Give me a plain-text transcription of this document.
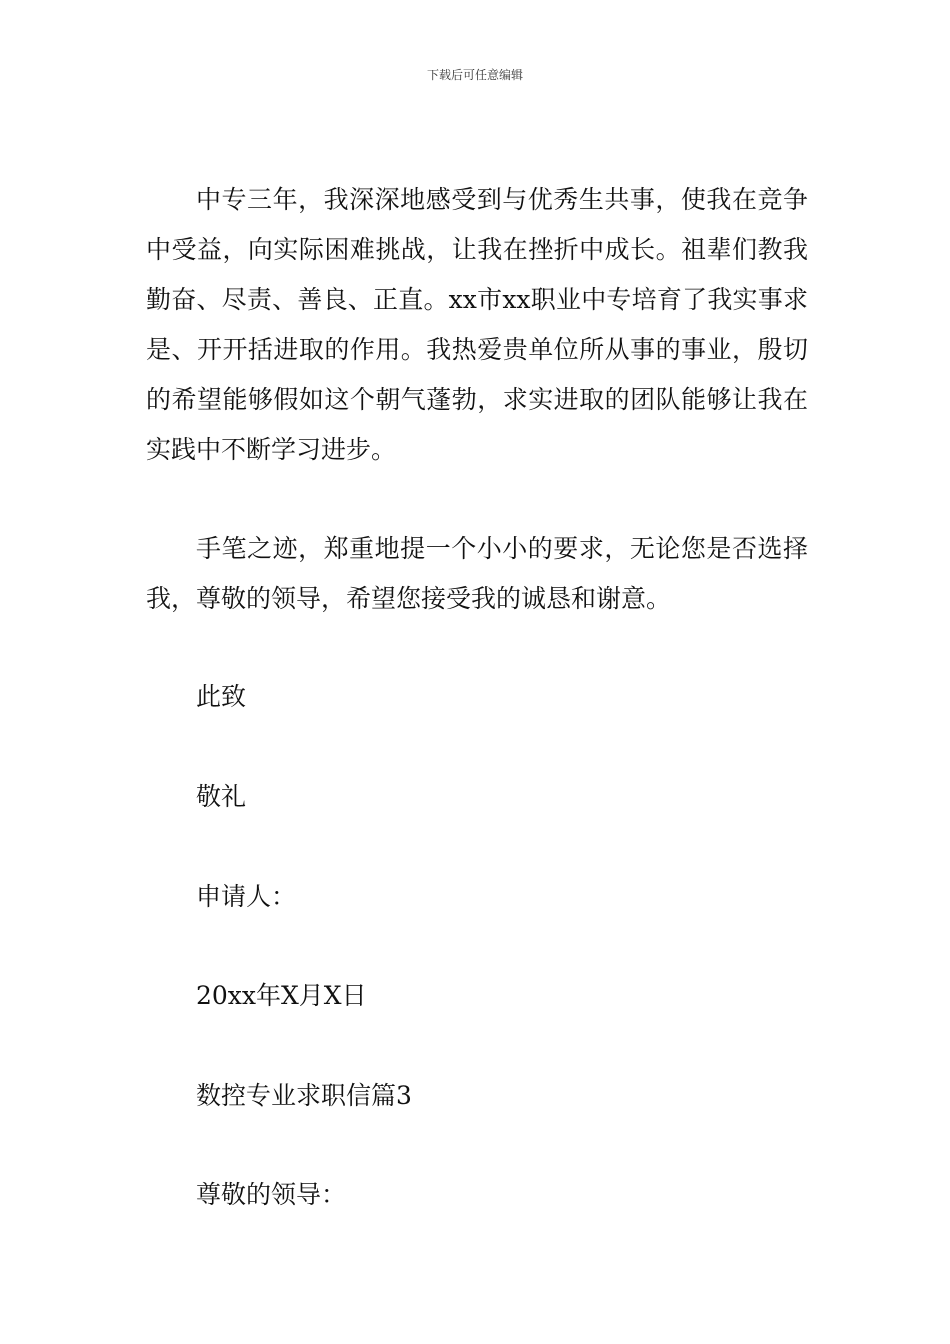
下载后可任意编辑

中专三年，我深深地感受到与优秀生共事，使我在竞争中受益，向实际困难挑战，让我在挫折中成长。祖辈们教我勤奋、尽责、善良、正直。xx市xx职业中专培育了我实事求是、开开括进取的作用。我热爱贵单位所从事的事业，殷切的希望能够假如这个朝气蓬勃，求实进取的团队能够让我在实践中不断学习进步。

手笔之迹，郑重地提一个小小的要求，无论您是否选择我，尊敬的领导，希望您接受我的诚恳和谢意。

此致

敬礼

申请人：

20xx年X月X日

数控专业求职信篇3

尊敬的领导：
